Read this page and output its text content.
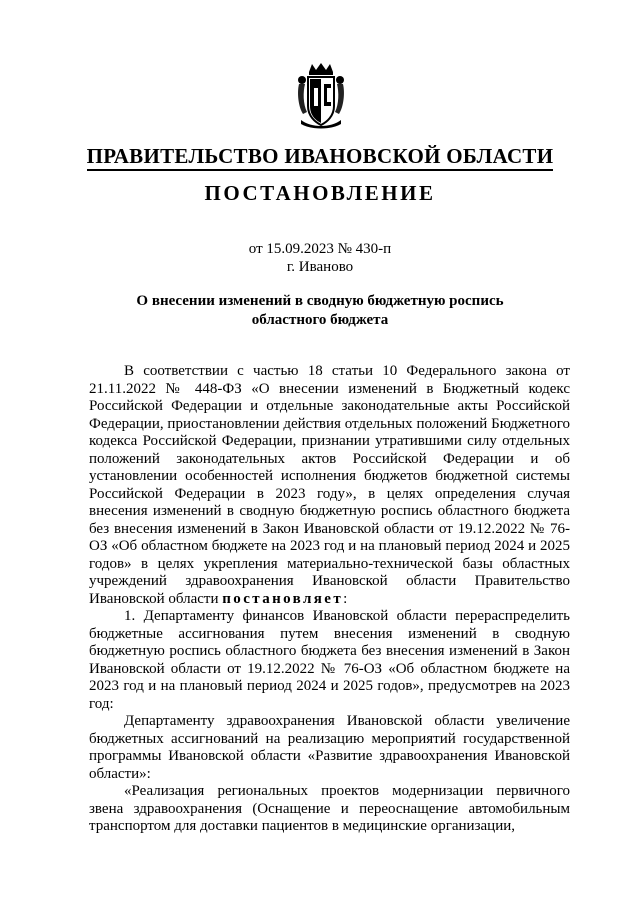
ПРАВИТЕЛЬСТВО ИВАНОВСКОЙ ОБЛАСТИ
ПОСТАНОВЛЕНИЕ
от 15.09.2023 № 430-п
г. Иваново
О внесении изменений в сводную бюджетную роспись
областного бюджета

В соответствии с частью 18 статьи 10 Федерального закона от 21.11.2022 № 448-ФЗ «О внесении изменений в Бюджетный кодекс Российской Федерации и отдельные законодательные акты Российской Федерации, приостановлении действия отдельных положений Бюджетного кодекса Российской Федерации, признании утратившими силу отдельных положений законодательных актов Российской Федерации и об установлении особенностей исполнения бюджетов бюджетной системы Российской Федерации в 2023 году», в целях определения случая внесения изменений в сводную бюджетную роспись областного бюджета без внесения изменений в Закон Ивановской области от 19.12.2022 № 76-ОЗ «Об областном бюджете на 2023 год и на плановый период 2024 и 2025 годов» в целях укрепления материально-технической базы областных учреждений здравоохранения Ивановской области Правительство Ивановской области постановляет:

1. Департаменту финансов Ивановской области перераспределить бюджетные ассигнования путем внесения изменений в сводную бюджетную роспись областного бюджета без внесения изменений в Закон Ивановской области от 19.12.2022 № 76-ОЗ «Об областном бюджете на 2023 год и на плановый период 2024 и 2025 годов», предусмотрев на 2023 год:

Департаменту здравоохранения Ивановской области увеличение бюджетных ассигнований на реализацию мероприятий государственной программы Ивановской области «Развитие здравоохранения Ивановской области»:

«Реализация региональных проектов модернизации первичного звена здравоохранения (Оснащение и переоснащение автомобильным транспортом для доставки пациентов в медицинские организации,
